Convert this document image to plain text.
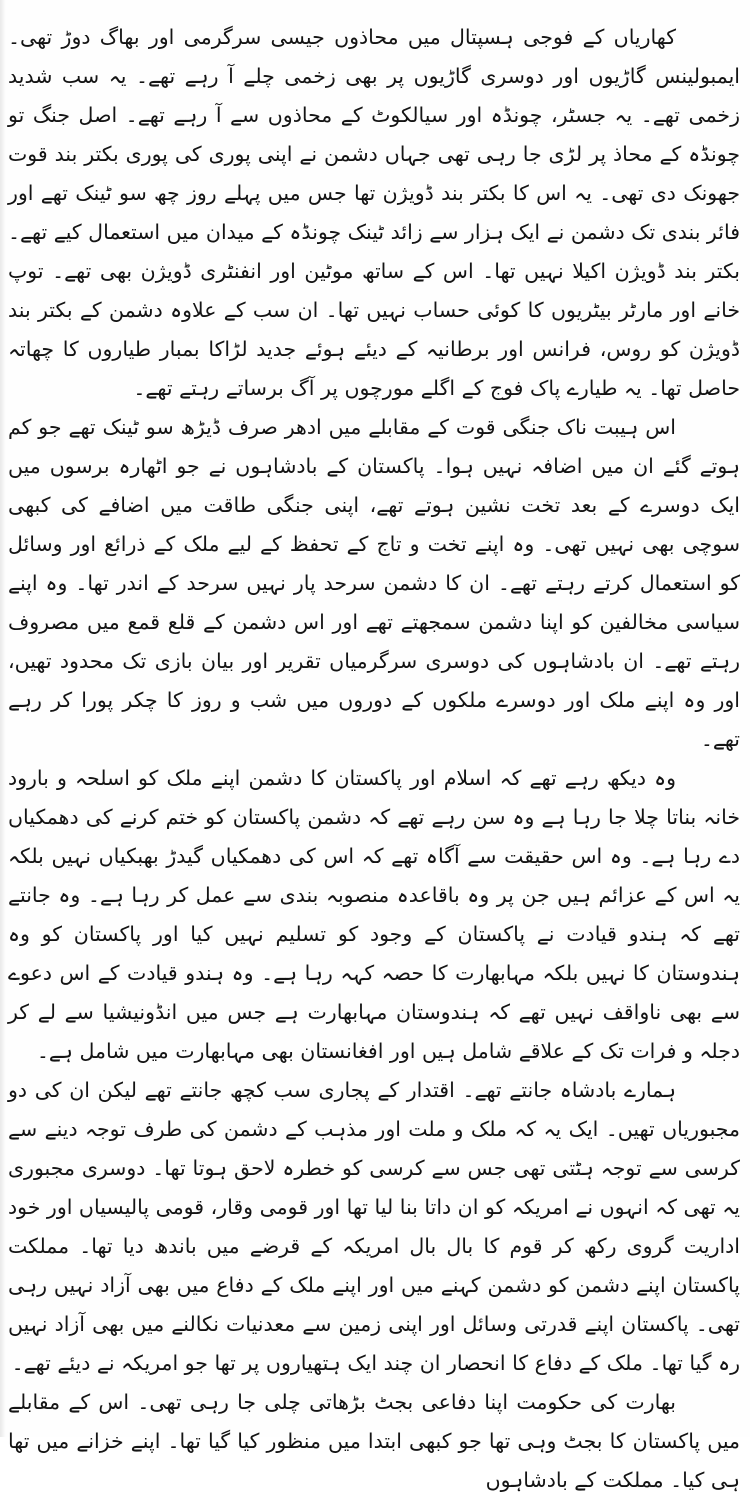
کھاریاں کے فوجی ہسپتال میں محاذوں جیسی سرگرمی اور بھاگ دوڑ تھی۔ ایمبولینس گاڑیوں اور دوسری گاڑیوں پر بھی زخمی چلے آ رہے تھے۔ یہ سب شدید زخمی تھے۔ یہ جسٹر، چونڈہ اور سیالکوٹ کے محاذوں سے آ رہے تھے۔ اصل جنگ تو چونڈہ کے محاذ پر لڑی جا رہی تھی جہاں دشمن نے اپنی پوری کی پوری بکتر بند قوت جھونک دی تھی۔ یہ اس کا بکتر بند ڈویژن تھا جس میں پہلے روز چھ سو ٹینک تھے اور فائر بندی تک دشمن نے ایک ہزار سے زائد ٹینک چونڈہ کے میدان میں استعمال کیے تھے۔ بکتر بند ڈویژن اکیلا نہیں تھا۔ اس کے ساتھ موٹین اور انفنٹری ڈویژن بھی تھے۔ توپ خانے اور مارٹر بیٹریوں کا کوئی حساب نہیں تھا۔ ان سب کے علاوہ دشمن کے بکتر بند ڈویژن کو روس، فرانس اور برطانیہ کے دیئے ہوئے جدید لڑاکا بمبار طیاروں کا چھاتہ حاصل تھا۔ یہ طیارے پاک فوج کے اگلے مورچوں پر آگ برساتے رہتے تھے۔

اس ہیبت ناک جنگی قوت کے مقابلے میں ادھر صرف ڈیڑھ سو ٹینک تھے جو کم ہوتے گئے ان میں اضافہ نہیں ہوا۔ پاکستان کے بادشاہوں نے جو اٹھارہ برسوں میں ایک دوسرے کے بعد تخت نشین ہوتے تھے، اپنی جنگی طاقت میں اضافے کی کبھی سوچی بھی نہیں تھی۔ وہ اپنے تخت و تاج کے تحفظ کے لیے ملک کے ذرائع اور وسائل کو استعمال کرتے رہتے تھے۔ ان کا دشمن سرحد پار نہیں سرحد کے اندر تھا۔ وہ اپنے سیاسی مخالفین کو اپنا دشمن سمجھتے تھے اور اس دشمن کے قلع قمع میں مصروف رہتے تھے۔ ان بادشاہوں کی دوسری سرگرمیاں تقریر اور بیان بازی تک محدود تھیں، اور وہ اپنے ملک اور دوسرے ملکوں کے دوروں میں شب و روز کا چکر پورا کر رہے تھے۔

وہ دیکھ رہے تھے کہ اسلام اور پاکستان کا دشمن اپنے ملک کو اسلحہ و بارود خانہ بناتا چلا جا رہا ہے وہ سن رہے تھے کہ دشمن پاکستان کو ختم کرنے کی دھمکیاں دے رہا ہے۔ وہ اس حقیقت سے آگاہ تھے کہ اس کی دھمکیاں گیدڑ بھبکیاں نہیں بلکہ یہ اس کے عزائم ہیں جن پر وہ باقاعدہ منصوبہ بندی سے عمل کر رہا ہے۔ وہ جانتے تھے کہ ہندو قیادت نے پاکستان کے وجود کو تسلیم نہیں کیا اور پاکستان کو وہ ہندوستان کا نہیں بلکہ مہابھارت کا حصہ کہہ رہا ہے۔ وہ ہندو قیادت کے اس دعوے سے بھی ناواقف نہیں تھے کہ ہندوستان مہابھارت ہے جس میں انڈونیشیا سے لے کر دجلہ و فرات تک کے علاقے شامل ہیں اور افغانستان بھی مہابھارت میں شامل ہے۔

ہمارے بادشاہ جانتے تھے۔ اقتدار کے پجاری سب کچھ جانتے تھے لیکن ان کی دو مجبوریاں تھیں۔ ایک یہ کہ ملک و ملت اور مذہب کے دشمن کی طرف توجہ دینے سے کرسی سے توجہ ہٹتی تھی جس سے کرسی کو خطرہ لاحق ہوتا تھا۔ دوسری مجبوری یہ تھی کہ انہوں نے امریکہ کو ان داتا بنا لیا تھا اور قومی وقار، قومی پالیسیاں اور خود اداریت گروی رکھ کر قوم کا بال بال امریکہ کے قرضے میں باندھ دیا تھا۔ مملکت پاکستان اپنے دشمن کو دشمن کہنے میں اور اپنے ملک کے دفاع میں بھی آزاد نہیں رہی تھی۔ پاکستان اپنے قدرتی وسائل اور اپنی زمین سے معدنیات نکالنے میں بھی آزاد نہیں رہ گیا تھا۔ ملک کے دفاع کا انحصار ان چند ایک ہتھیاروں پر تھا جو امریکہ نے دیئے تھے۔

بھارت کی حکومت اپنا دفاعی بجٹ بڑھاتی چلی جا رہی تھی۔ اس کے مقابلے میں پاکستان کا بجٹ وہی تھا جو کبھی ابتدا میں منظور کیا گیا تھا۔ اپنے خزانے میں تھا ہی کیا۔ مملکت کے بادشاہوں
